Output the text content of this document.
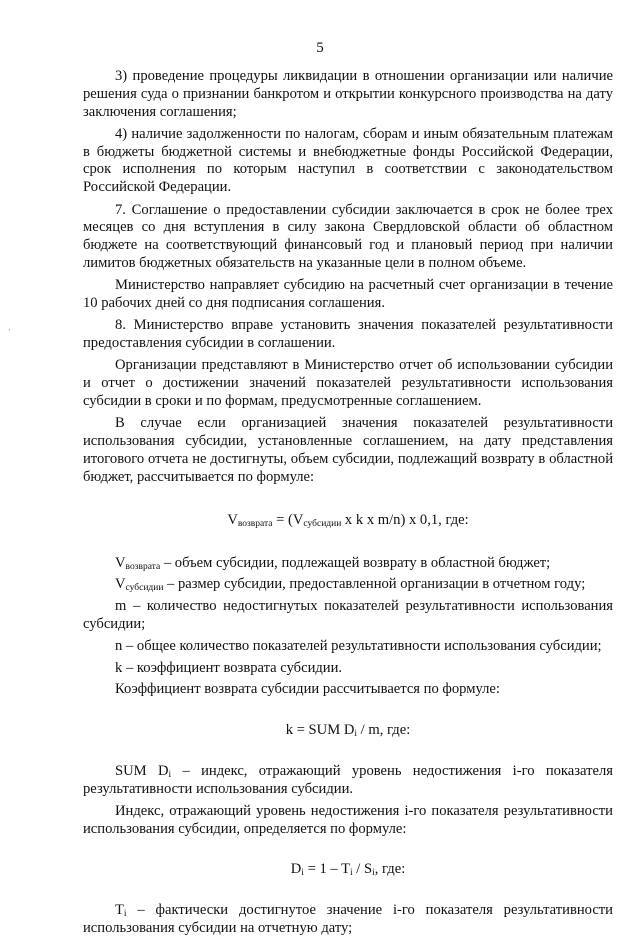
5
·

3) проведение процедуры ликвидации в отношении организации или наличие решения суда о признании банкротом и открытии конкурсного производства на дату заключения соглашения;

4) наличие задолженности по налогам, сборам и иным обязательным платежам в бюджеты бюджетной системы и внебюджетные фонды Российской Федерации, срок исполнения по которым наступил в соответствии с законодательством Российской Федерации.

7. Соглашение о предоставлении субсидии заключается в срок не более трех месяцев со дня вступления в силу закона Свердловской области об областном бюджете на соответствующий финансовый год и плановый период при наличии лимитов бюджетных обязательств на указанные цели в полном объеме.

Министерство направляет субсидию на расчетный счет организации в течение 10 рабочих дней со дня подписания соглашения.

8. Министерство вправе установить значения показателей результативности предоставления субсидии в соглашении.

Организации представляют в Министерство отчет об использовании субсидии и отчет о достижении значений показателей результативности использования субсидии в сроки и по формам, предусмотренные соглашением.

В случае если организацией значения показателей результативности использования субсидии, установленные соглашением, на дату представления итогового отчета не достигнуты, объем субсидии, подлежащий возврату в областной бюджет, рассчитывается по формуле:

$V_{возврата} = (V_{субсидии}$ x k x m/n) x 0,1, где:

$V_{возврата}$ – объем субсидии, подлежащей возврату в областной бюджет;

$V_{субсидии}$ – размер субсидии, предоставленной организации в отчетном году;

m – количество недостигнутых показателей результативности использования субсидии;

n – общее количество показателей результативности использования субсидии;

k – коэффициент возврата субсидии.

Коэффициент возврата субсидии рассчитывается по формуле:

k = SUM $D_i$ / m, где:

SUM $D_i$ – индекс, отражающий уровень недостижения i-го показателя результативности использования субсидии.

Индекс, отражающий уровень недостижения i-го показателя результативности использования субсидии, определяется по формуле:

$D_i = 1 - T_i / S_i$, где:

$T_i$ – фактически достигнутое значение i-го показателя результативности использования субсидии на отчетную дату;
